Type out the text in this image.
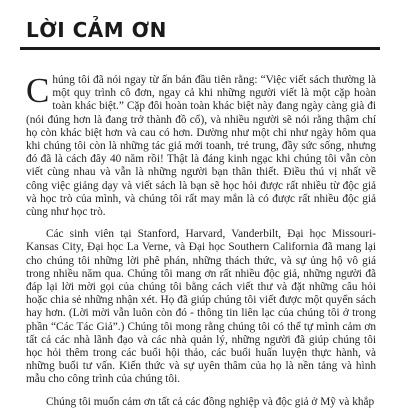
LỜI CẢM ƠN

Chúng tôi đã nói ngay từ ấn bản đầu tiên rằng: “Việc viết sách thường là một quy trình cô đơn, ngay cả khi những người viết là một cặp hoàn toàn khác biệt.” Cặp đôi hoàn toàn khác biệt này đang ngày càng già đi (nói đúng hơn là đang trở thành đồ cổ), và nhiều người sẽ nói rằng thậm chí họ còn khác biệt hơn và cau có hơn. Dường như một chi như ngày hôm qua khi chúng tôi còn là những tác giả mới toanh, trẻ trung, đầy sức sống, nhưng đó đã là cách đây 40 năm rồi! Thật là đáng kinh ngạc khi chúng tôi vẫn còn viết cùng nhau và vẫn là những người bạn thân thiết. Điều thú vị nhất về công việc giảng dạy và viết sách là bạn sẽ học hỏi được rất nhiều từ độc giả và học trò của mình, và chúng tôi rất may mắn là có được rất nhiều độc giả cùng như học trò.

Các sinh viên tại Stanford, Harvard, Vanderbilt, Đại học Missouri-Kansas City, Đại học La Verne, và Đại học Southern California đã mang lại cho chúng tôi những lời phê phán, những thách thức, và sự ủng hộ vô giá trong nhiều năm qua. Chúng tôi mang ơn rất nhiều độc giả, những người đã đáp lại lời mời gọi của chúng tôi bằng cách viết thư và đặt những câu hỏi hoặc chia sẻ những nhận xét. Họ đã giúp chúng tôi viết được một quyển sách hay hơn. (Lời mời vẫn luôn còn đó - thông tin liên lạc của chúng tôi ở trong phần “Các Tác Giả”.) Chúng tôi mong rằng chúng tôi có thể tự mình cảm ơn tất cả các nhà lãnh đạo và các nhà quản lý, những người đã giúp chúng tôi học hỏi thêm trong các buổi hội thảo, các buổi huấn luyện thực hành, và những buổi tư vấn. Kiến thức và sự uyên thâm của họ là nền tảng và hình mẫu cho công trình của chúng tôi.

Chúng tôi muốn cảm ơn tất cả các đồng nghiệp và độc giả ở Mỹ và khắp
